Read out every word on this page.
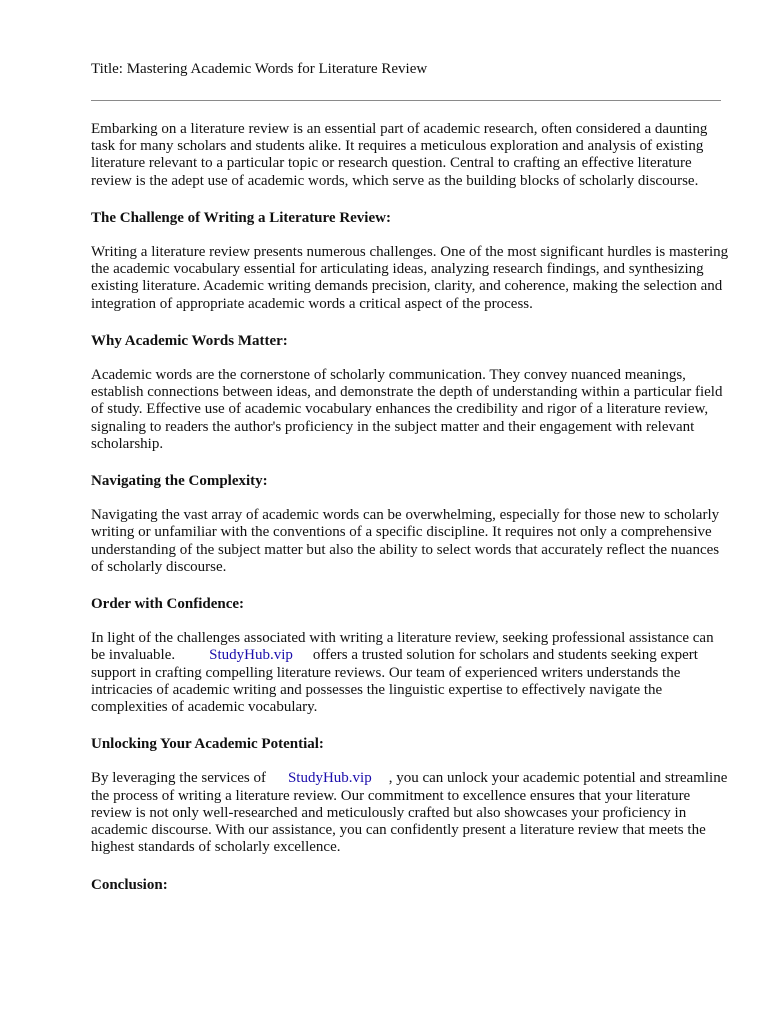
Title: Mastering Academic Words for Literature Review

Embarking on a literature review is an essential part of academic research, often considered a daunting task for many scholars and students alike. It requires a meticulous exploration and analysis of existing literature relevant to a particular topic or research question. Central to crafting an effective literature review is the adept use of academic words, which serve as the building blocks of scholarly discourse.

The Challenge of Writing a Literature Review:

Writing a literature review presents numerous challenges. One of the most significant hurdles is mastering the academic vocabulary essential for articulating ideas, analyzing research findings, and synthesizing existing literature. Academic writing demands precision, clarity, and coherence, making the selection and integration of appropriate academic words a critical aspect of the process.

Why Academic Words Matter:

Academic words are the cornerstone of scholarly communication. They convey nuanced meanings, establish connections between ideas, and demonstrate the depth of understanding within a particular field of study. Effective use of academic vocabulary enhances the credibility and rigor of a literature review, signaling to readers the author's proficiency in the subject matter and their engagement with relevant scholarship.

Navigating the Complexity:

Navigating the vast array of academic words can be overwhelming, especially for those new to scholarly writing or unfamiliar with the conventions of a specific discipline. It requires not only a comprehensive understanding of the subject matter but also the ability to select words that accurately reflect the nuances of scholarly discourse.

Order with Confidence:

In light of the challenges associated with writing a literature review, seeking professional assistance can be invaluable. StudyHub.vip offers a trusted solution for scholars and students seeking expert support in crafting compelling literature reviews. Our team of experienced writers understands the intricacies of academic writing and possesses the linguistic expertise to effectively navigate the complexities of academic vocabulary.

Unlocking Your Academic Potential:

By leveraging the services of StudyHub.vip , you can unlock your academic potential and streamline the process of writing a literature review. Our commitment to excellence ensures that your literature review is not only well-researched and meticulously crafted but also showcases your proficiency in academic discourse. With our assistance, you can confidently present a literature review that meets the highest standards of scholarly excellence.

Conclusion:
